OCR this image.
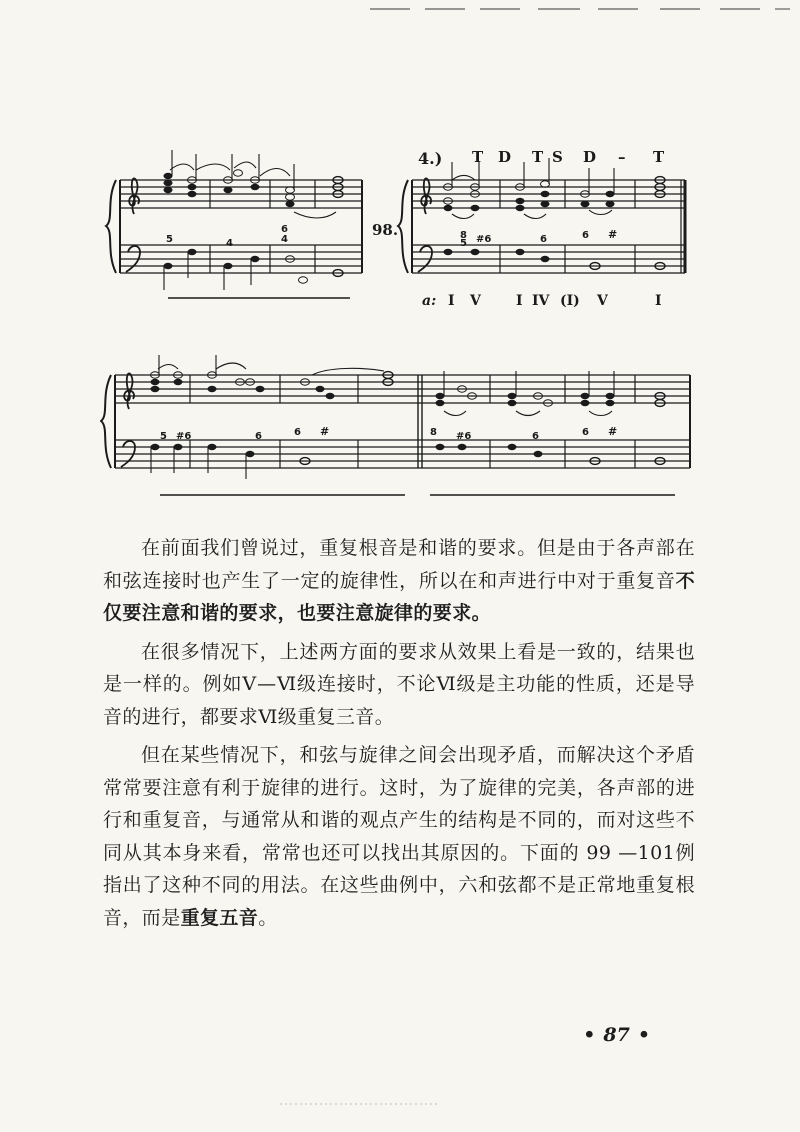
4.)
98.
T D T S D – T
a: I V	I IV (I) V	I
5	4
6
4	8
5 #6	6	6 #
5 #6	6	6 #	8 #6	6	6 #

在前面我们曾说过，重复根音是和谐的要求。但是由于各声部在和弦连接时也产生了一定的旋律性，所以在和声进行中对于重复音不仅要注意和谐的要求，也要注意旋律的要求。

在很多情况下，上述两方面的要求从效果上看是一致的，结果也是一样的。例如Ⅴ—Ⅵ级连接时，不论Ⅵ级是主功能的性质，还是导音的进行，都要求Ⅵ级重复三音。

但在某些情况下，和弦与旋律之间会出现矛盾，而解决这个矛盾常常要注意有利于旋律的进行。这时，为了旋律的完美，各声部的进行和重复音，与通常从和谐的观点产生的结构是不同的，而对这些不同从其本身来看，常常也还可以找出其原因的。下面的 99 —101例指出了这种不同的用法。在这些曲例中，六和弦都不是正常地重复根音，而是重复五音。

• 87 •
